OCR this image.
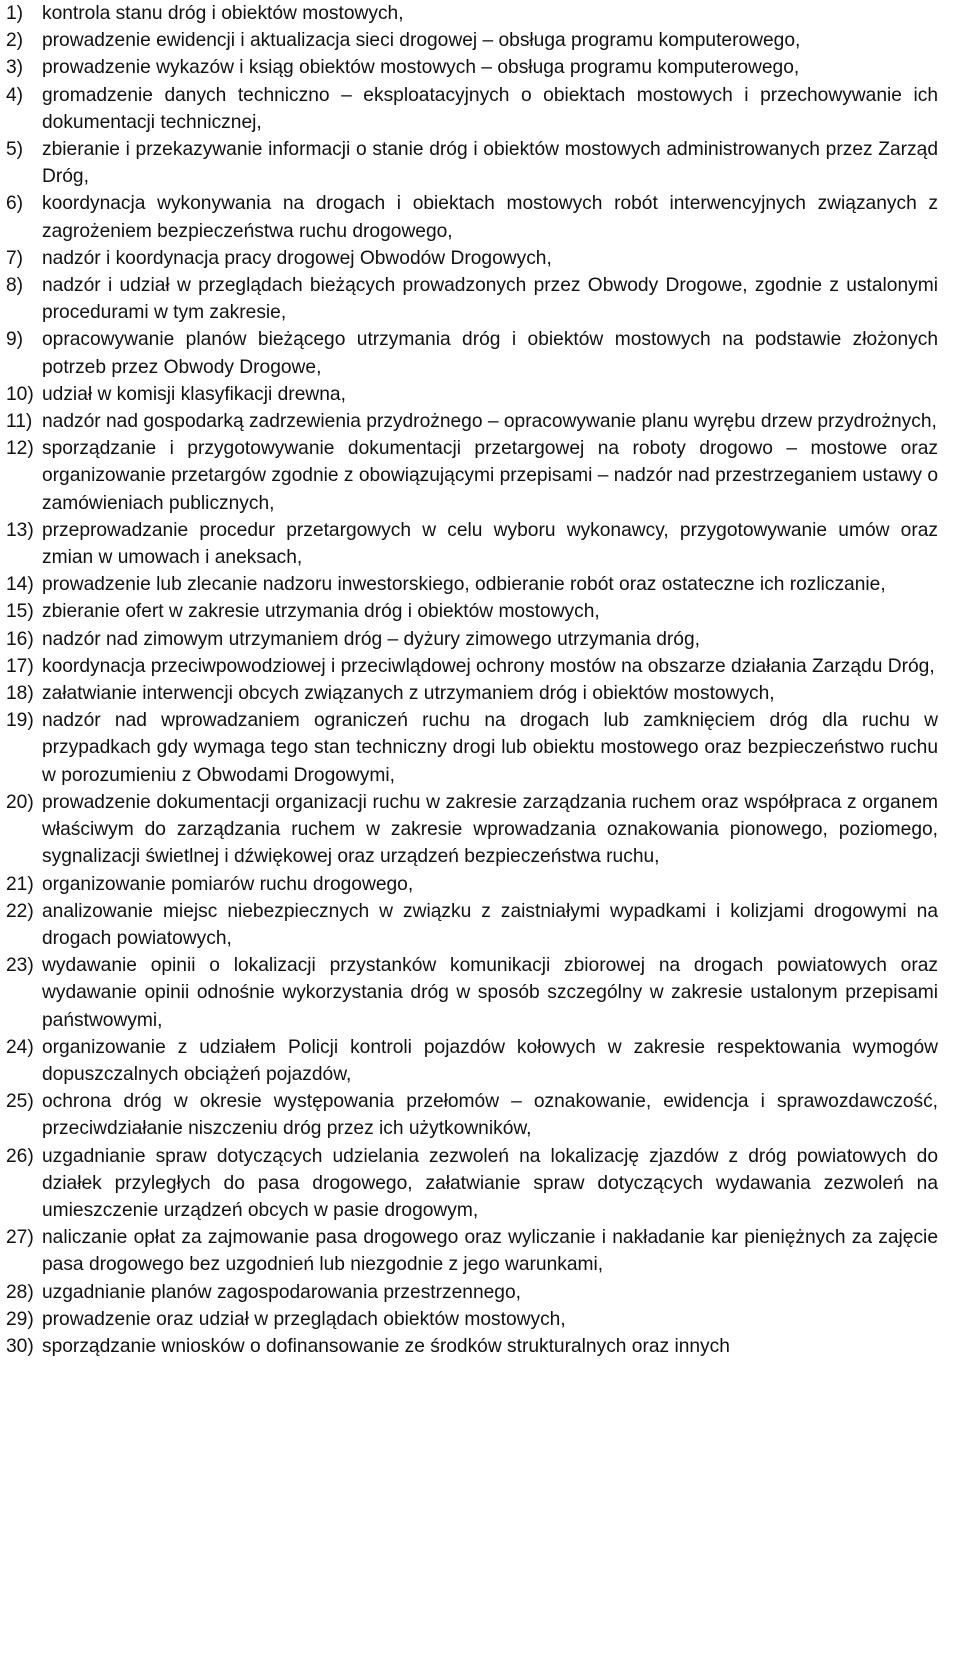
1) kontrola stanu dróg i obiektów mostowych,
2) prowadzenie ewidencji i aktualizacja sieci drogowej – obsługa programu komputerowego,
3) prowadzenie wykazów i ksiąg obiektów mostowych – obsługa programu komputerowego,
4) gromadzenie danych techniczno – eksploatacyjnych o obiektach mostowych i przechowywanie ich dokumentacji technicznej,
5) zbieranie i przekazywanie informacji o stanie dróg i obiektów mostowych administrowanych przez Zarząd Dróg,
6) koordynacja wykonywania na drogach i obiektach mostowych robót interwencyjnych związanych z zagrożeniem bezpieczeństwa ruchu drogowego,
7) nadzór i koordynacja pracy drogowej Obwodów Drogowych,
8) nadzór i udział w przeglądach bieżących prowadzonych przez Obwody Drogowe, zgodnie z ustalonymi procedurami w tym zakresie,
9) opracowywanie planów bieżącego utrzymania dróg i obiektów mostowych na podstawie złożonych potrzeb przez Obwody Drogowe,
10) udział w komisji klasyfikacji drewna,
11) nadzór nad gospodarką zadrzewienia przydrożnego – opracowywanie planu wyrębu drzew przydrożnych,
12) sporządzanie i przygotowywanie dokumentacji przetargowej na roboty drogowo – mostowe oraz organizowanie przetargów zgodnie z obowiązującymi przepisami – nadzór nad przestrzeganiem ustawy o zamówieniach publicznych,
13) przeprowadzanie procedur przetargowych w celu wyboru wykonawcy, przygotowywanie umów oraz zmian w umowach i aneksach,
14) prowadzenie lub zlecanie nadzoru inwestorskiego, odbieranie robót oraz ostateczne ich rozliczanie,
15) zbieranie ofert w zakresie utrzymania dróg i obiektów mostowych,
16) nadzór nad zimowym utrzymaniem dróg – dyżury zimowego utrzymania dróg,
17) koordynacja przeciwpowodziowej i przeciwlądowej ochrony mostów na obszarze działania Zarządu Dróg,
18) załatwianie interwencji obcych związanych z utrzymaniem dróg i obiektów mostowych,
19) nadzór nad wprowadzaniem ograniczeń ruchu na drogach lub zamknięciem dróg dla ruchu w przypadkach gdy wymaga tego stan techniczny drogi lub obiektu mostowego oraz bezpieczeństwo ruchu w porozumieniu z Obwodami Drogowymi,
20) prowadzenie dokumentacji organizacji ruchu w zakresie zarządzania ruchem oraz współpraca z organem właściwym do zarządzania ruchem w zakresie wprowadzania oznakowania pionowego, poziomego, sygnalizacji świetlnej i dźwiękowej oraz urządzeń bezpieczeństwa ruchu,
21) organizowanie pomiarów ruchu drogowego,
22) analizowanie miejsc niebezpiecznych w związku z zaistniałymi wypadkami i kolizjami drogowymi na drogach powiatowych,
23) wydawanie opinii o lokalizacji przystanków komunikacji zbiorowej na drogach powiatowych oraz wydawanie opinii odnośnie wykorzystania dróg w sposób szczególny w zakresie ustalonym przepisami państwowymi,
24) organizowanie z udziałem Policji kontroli pojazdów kołowych w zakresie respektowania wymogów dopuszczalnych obciążeń pojazdów,
25) ochrona dróg w okresie występowania przełomów – oznakowanie, ewidencja i sprawozdawczość, przeciwdziałanie niszczeniu dróg przez ich użytkowników,
26) uzgadnianie spraw dotyczących udzielania zezwoleń na lokalizację zjazdów z dróg powiatowych do działek przyległych do pasa drogowego, załatwianie spraw dotyczących wydawania zezwoleń na umieszczenie urządzeń obcych w pasie drogowym,
27) naliczanie opłat za zajmowanie pasa drogowego oraz wyliczanie i nakładanie kar pieniężnych za zajęcie pasa drogowego bez uzgodnień lub niezgodnie z jego warunkami,
28) uzgadnianie planów zagospodarowania przestrzennego,
29) prowadzenie oraz udział w przeglądach obiektów mostowych,
30) sporządzanie wniosków o dofinansowanie ze środków strukturalnych oraz innych
